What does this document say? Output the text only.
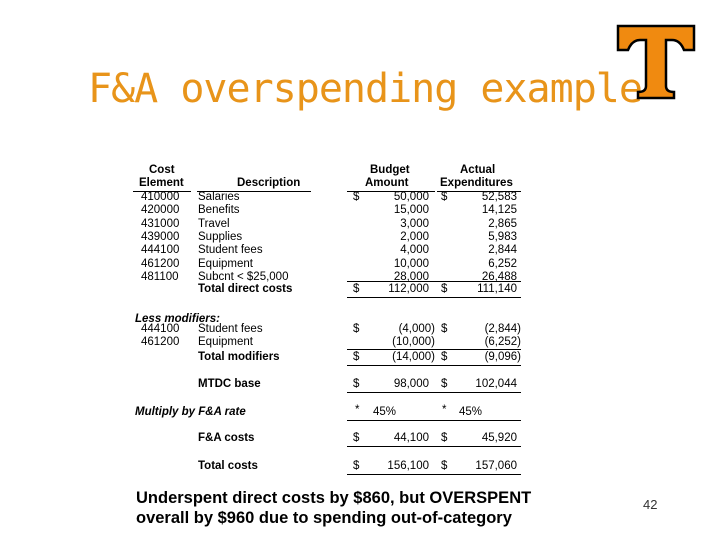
F&A overspending example
Cost
Element	Description
Budget
Amount
Actual
Expenditures
410000 Salaries	$	50,000 $	52,583
420000 Benefits	15,000	14,125
431000 Travel	3,000	2,865
439000 Supplies	2,000	5,983
444100 Student fees	4,000	2,844
461200 Equipment	10,000	6,252
481100 Subcnt < $25,000	28,000	26,488
Total direct costs	$	112,000 $	111,140
Less modifiers:
444100 Student fees	$	(4,000) $	(2,844)
461200 Equipment	(10,000)	(6,252)
Total modifiers	$	(14,000) $	(9,096)
MTDC base	$	98,000 $	102,044
Multiply by F&A rate	* 45%	* 45%
F&A costs	$	44,100 $	45,920
Total costs	$	156,100 $	157,060
Underspent direct costs by $860, but OVERSPENT
overall by $960 due to spending out-of-category
42
